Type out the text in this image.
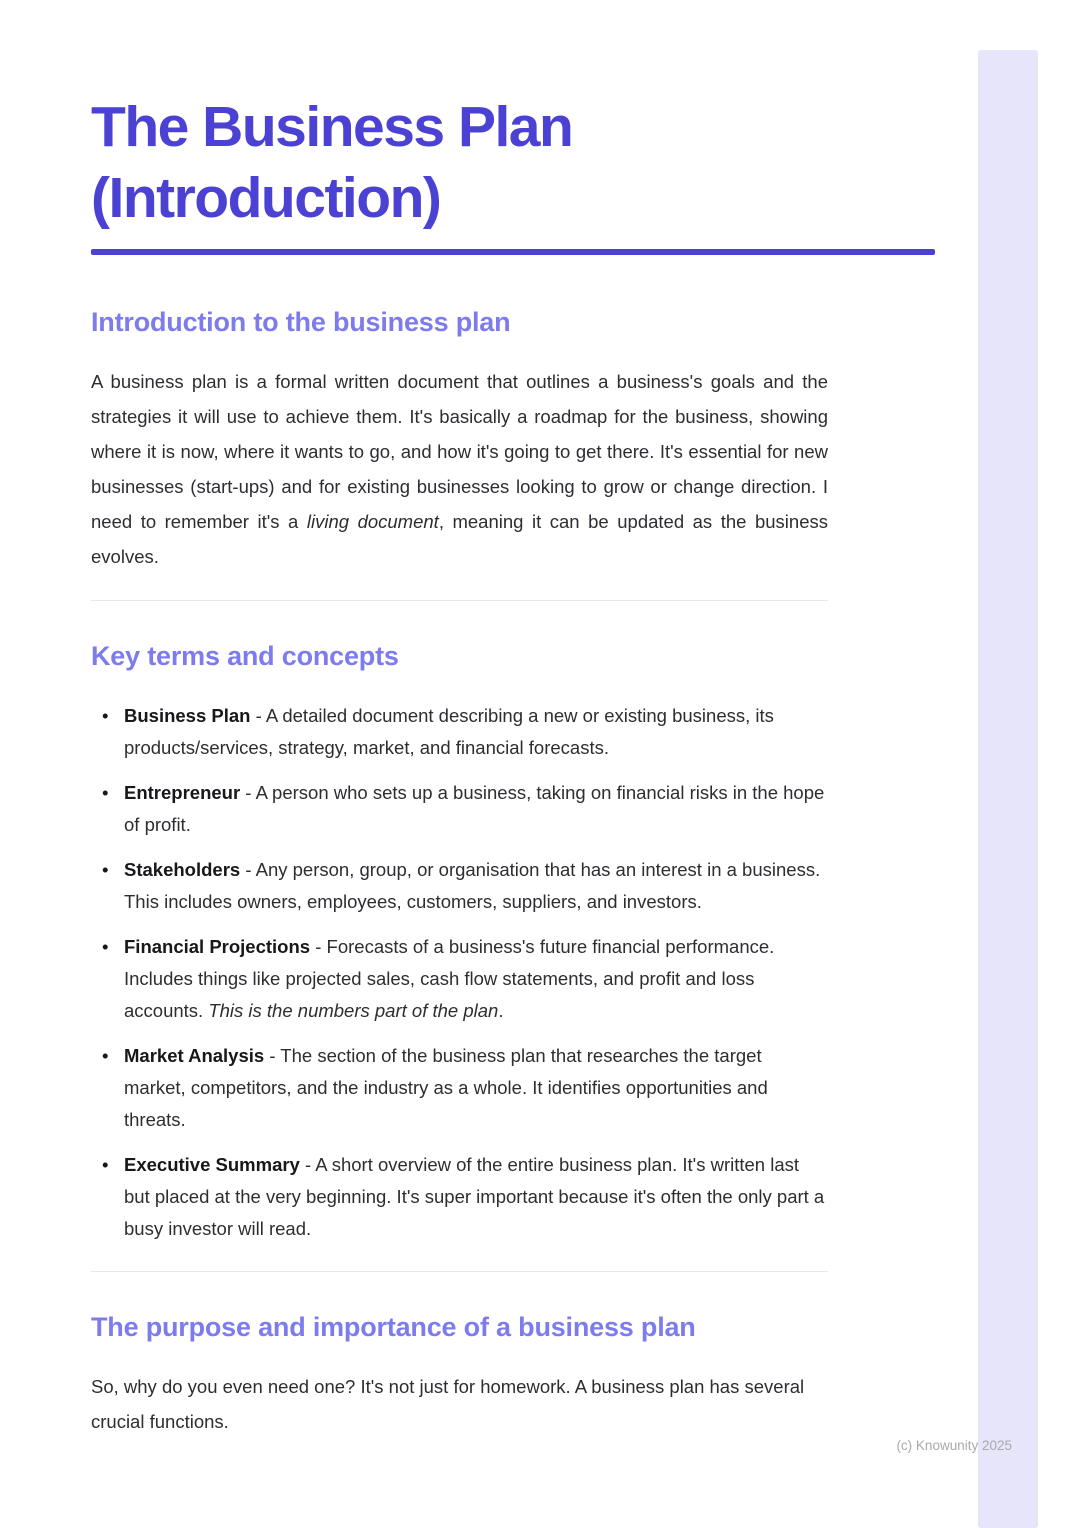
The Business Plan (Introduction)
Introduction to the business plan

A business plan is a formal written document that outlines a business's goals and the strategies it will use to achieve them. It's basically a roadmap for the business, showing where it is now, where it wants to go, and how it's going to get there. It's essential for new businesses (start-ups) and for existing businesses looking to grow or change direction. I need to remember it's a living document, meaning it can be updated as the business evolves.

Key terms and concepts
• Business Plan - A detailed document describing a new or existing business, its products/services, strategy, market, and financial forecasts.
• Entrepreneur - A person who sets up a business, taking on financial risks in the hope of profit.
• Stakeholders - Any person, group, or organisation that has an interest in a business. This includes owners, employees, customers, suppliers, and investors.
• Financial Projections - Forecasts of a business's future financial performance. Includes things like projected sales, cash flow statements, and profit and loss accounts. This is the numbers part of the plan.
• Market Analysis - The section of the business plan that researches the target market, competitors, and the industry as a whole. It identifies opportunities and threats.
• Executive Summary - A short overview of the entire business plan. It's written last but placed at the very beginning. It's super important because it's often the only part a busy investor will read.
The purpose and importance of a business plan

So, why do you even need one? It's not just for homework. A business plan has several crucial functions.

(c) Knowunity 2025
